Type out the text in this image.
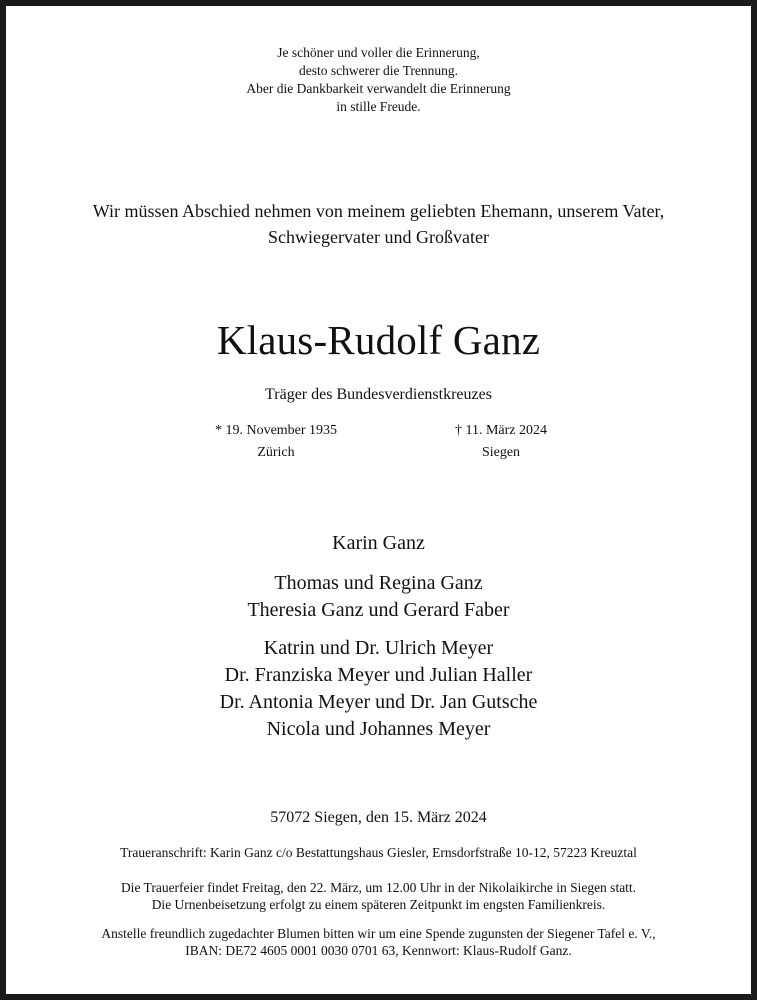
Je schöner und voller die Erinnerung,
desto schwerer die Trennung.
Aber die Dankbarkeit verwandelt die Erinnerung
in stille Freude.
Wir müssen Abschied nehmen von meinem geliebten Ehemann, unserem Vater,
Schwiegervater und Großvater
Klaus-Rudolf Ganz
Träger des Bundesverdienstkreuzes
* 19. November 1935
Zürich
† 11. März 2024
Siegen
Karin Ganz
Thomas und Regina Ganz
Theresia Ganz und Gerard Faber
Katrin und Dr. Ulrich Meyer
Dr. Franziska Meyer und Julian Haller
Dr. Antonia Meyer und Dr. Jan Gutsche
Nicola und Johannes Meyer
57072 Siegen, den 15. März 2024
Traueranschrift: Karin Ganz c/o Bestattungshaus Giesler, Ernsdorfstraße 10-12, 57223 Kreuztal
Die Trauerfeier findet Freitag, den 22. März, um 12.00 Uhr in der Nikolaikirche in Siegen statt.
Die Urnenbeisetzung erfolgt zu einem späteren Zeitpunkt im engsten Familienkreis.
Anstelle freundlich zugedachter Blumen bitten wir um eine Spende zugunsten der Siegener Tafel e. V.,
IBAN: DE72 4605 0001 0030 0701 63, Kennwort: Klaus-Rudolf Ganz.
